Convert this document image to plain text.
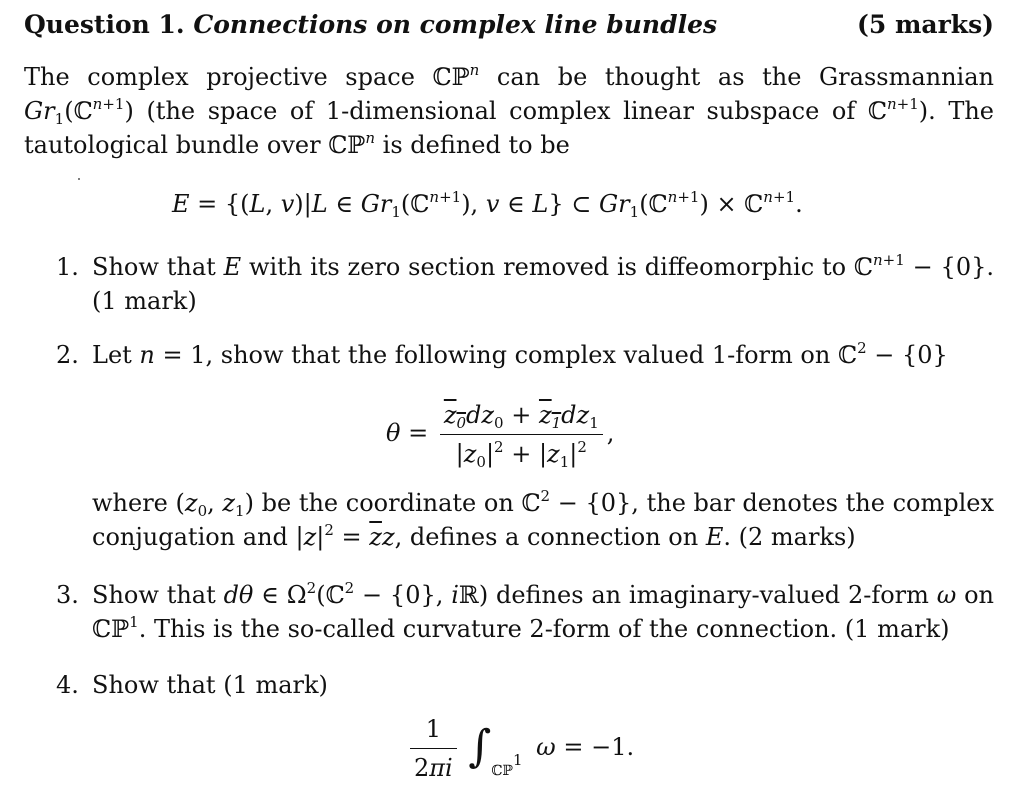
Question 1. Connections on complex line bundles	(5 marks)
The complex projective space ℂℙ$^n$ can be thought as the Grassmannian $Gr_1(ℂ^{n+1})$ (the space of 1-dimensional complex linear subspace of ℂ$^{n+1}$). The tautological bundle over ℂℙ$^n$ is defined to be
E = {(L, v)|L ∈ $Gr_1(ℂ^{n+1})$, v ∈ L} ⊂ $Gr_1(ℂ^{n+1})$ × ℂ$^{n+1}$.
1. Show that E with its zero section removed is diffeomorphic to ℂ$^{n+1}$ − {0}. (1 mark)

2. Let n = 1, show that the following complex valued 1-form on ℂ$^2$ − {0}

$\theta = \frac{z_0dz_0 + z_1dz_1}{|z_0|^2 + |z_1|^2}$ ,

where ($z_0$, $z_1$) be the coordinate on ℂ$^2$ − {0}, the bar denotes the complex conjugation and $|z|^2 = \overline{z}z$, defines a connection on E. (2 marks)

3. Show that dθ ∈ $\Omega^2(ℂ^2 - \{0\}$, iℝ) defines an imaginary-valued 2-form ω on ℂℙ$^1$. This is the so-called curvature 2-form of the connection. (1 mark)

4. Show that (1 mark)

$\frac{1}{2\pi i} \int_{ℂℙ^1}$ ω = −1.
